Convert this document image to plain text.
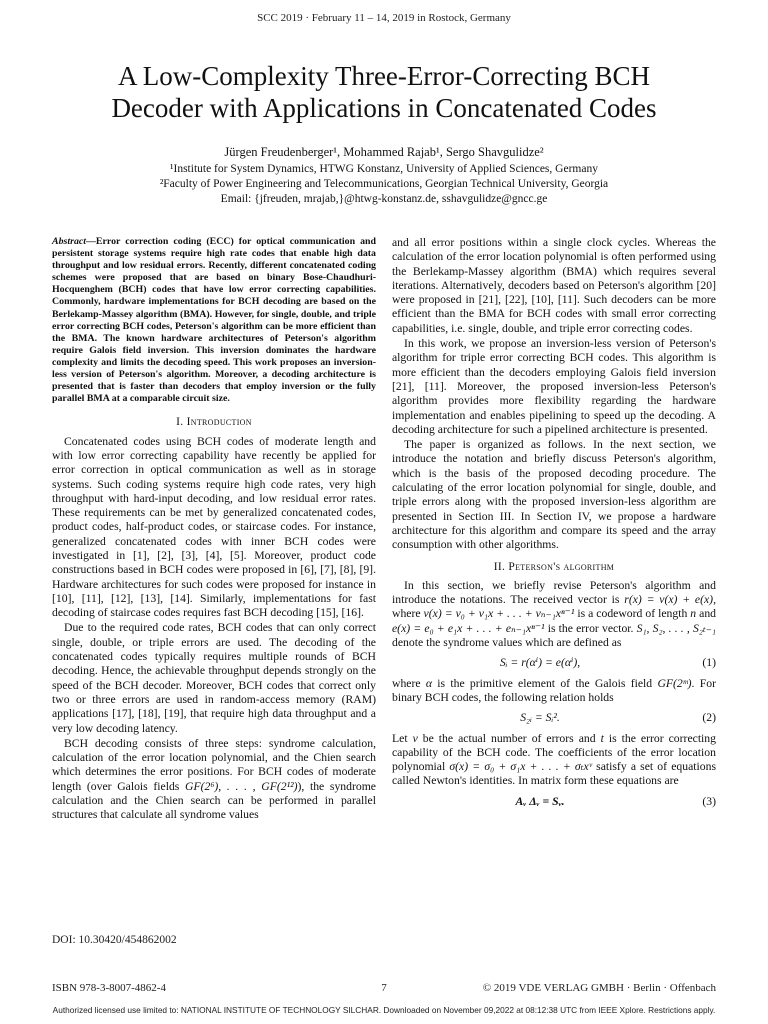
SCC 2019 · February 11 – 14, 2019 in Rostock, Germany
A Low-Complexity Three-Error-Correcting BCH
Decoder with Applications in Concatenated Codes
Jürgen Freudenberger¹, Mohammed Rajab¹, Sergo Shavgulidze²
¹Institute for System Dynamics, HTWG Konstanz, University of Applied Sciences, Germany
²Faculty of Power Engineering and Telecommunications, Georgian Technical University, Georgia
Email: {jfreuden, mrajab,}@htwg-konstanz.de, sshavgulidze@gncc.ge
Abstract—Error correction coding (ECC) for optical communication and persistent storage systems require high rate codes that enable high data throughput and low residual errors. Recently, different concatenated coding schemes were proposed that are based on binary Bose-Chaudhuri-Hocquenghem (BCH) codes that have low error correcting capabilities. Commonly, hardware implementations for BCH decoding are based on the Berlekamp-Massey algorithm (BMA). However, for single, double, and triple error correcting BCH codes, Peterson's algorithm can be more efficient than the BMA. The known hardware architectures of Peterson's algorithm require Galois field inversion. This inversion dominates the hardware complexity and limits the decoding speed. This work proposes an inversion-less version of Peterson's algorithm. Moreover, a decoding architecture is presented that is faster than decoders that employ inversion or the fully parallel BMA at a comparable circuit size.
I. Introduction

Concatenated codes using BCH codes of moderate length and with low error correcting capability have recently be applied for error correction in optical communication as well as in storage systems. Such coding systems require high code rates, very high throughput with hard-input decoding, and low residual error rates. These requirements can be met by generalized concatenated codes, product codes, half-product codes, or staircase codes. For instance, generalized concatenated codes with inner BCH codes were investigated in [1], [2], [3], [4], [5]. Moreover, product code constructions based in BCH codes were proposed in [6], [7], [8], [9]. Hardware architectures for such codes were proposed for instance in [10], [11], [12], [13], [14]. Similarly, implementations for fast decoding of staircase codes requires fast BCH decoding [15], [16].

Due to the required code rates, BCH codes that can only correct single, double, or triple errors are used. The decoding of the concatenated codes typically requires multiple rounds of BCH decoding. Hence, the achievable throughput depends strongly on the speed of the BCH decoder. Moreover, BCH codes that correct only two or three errors are used in random-access memory (RAM) applications [17], [18], [19], that require high data throughput and a very low decoding latency.

BCH decoding consists of three steps: syndrome calculation, calculation of the error location polynomial, and the Chien search which determines the error positions. For BCH codes of moderate length (over Galois fields GF(2⁶), . . . , GF(2¹²)), the syndrome calculation and the Chien search can be performed in parallel structures that calculate all syndrome values

and all error positions within a single clock cycles. Whereas the calculation of the error location polynomial is often performed using the Berlekamp-Massey algorithm (BMA) which requires several iterations. Alternatively, decoders based on Peterson's algorithm [20] were proposed in [21], [22], [10], [11]. Such decoders can be more efficient than the BMA for BCH codes with small error correcting capabilities, i.e. single, double, and triple error correcting codes.

In this work, we propose an inversion-less version of Peterson's algorithm for triple error correcting BCH codes. This algorithm is more efficient than the decoders employing Galois field inversion [21], [11]. Moreover, the proposed inversion-less Peterson's algorithm provides more flexibility regarding the hardware implementation and enables pipelining to speed up the decoding. A decoding architecture for such a pipelined architecture is presented.

The paper is organized as follows. In the next section, we introduce the notation and briefly discuss Peterson's algorithm, which is the basis of the proposed decoding procedure. The calculating of the error location polynomial for single, double, and triple errors along with the proposed inversion-less algorithm are presented in Section III. In Section IV, we propose a hardware architecture for this algorithm and compare its speed and the array consumption with other algorithms.

II. Peterson's algorithm

In this section, we briefly revise Peterson's algorithm and introduce the notations. The received vector is r(x) = v(x) + e(x), where v(x) = v₀ + v₁x + . . . + vₙ₋₁xⁿ⁻¹ is a codeword of length n and e(x) = e₀ + e₁x + . . . + eₙ₋₁xⁿ⁻¹ is the error vector. S₁, S₂, . . . , S₂ₜ₋₁ denote the syndrome values which are defined as

Sᵢ = r(αⁱ) = e(αⁱ),	(1)

where α is the primitive element of the Galois field GF(2ᵐ). For binary BCH codes, the following relation holds

S₂ᵢ = Sᵢ².	(2)

Let ν be the actual number of errors and t is the error correcting capability of the BCH code. The coefficients of the error location polynomial σ(x) = σ₀ + σ₁x + . . . + σₜxᵛ satisfy a set of equations called Newton's identities. In matrix form these equations are

Aᵥ Δᵥ = Sᵥ.	(3)
DOI: 10.30420/454862002
ISBN 978-3-8007-4862-4	7	© 2019 VDE VERLAG GMBH · Berlin · Offenbach
Authorized licensed use limited to: NATIONAL INSTITUTE OF TECHNOLOGY SILCHAR. Downloaded on November 09,2022 at 08:12:38 UTC from IEEE Xplore. Restrictions apply.
